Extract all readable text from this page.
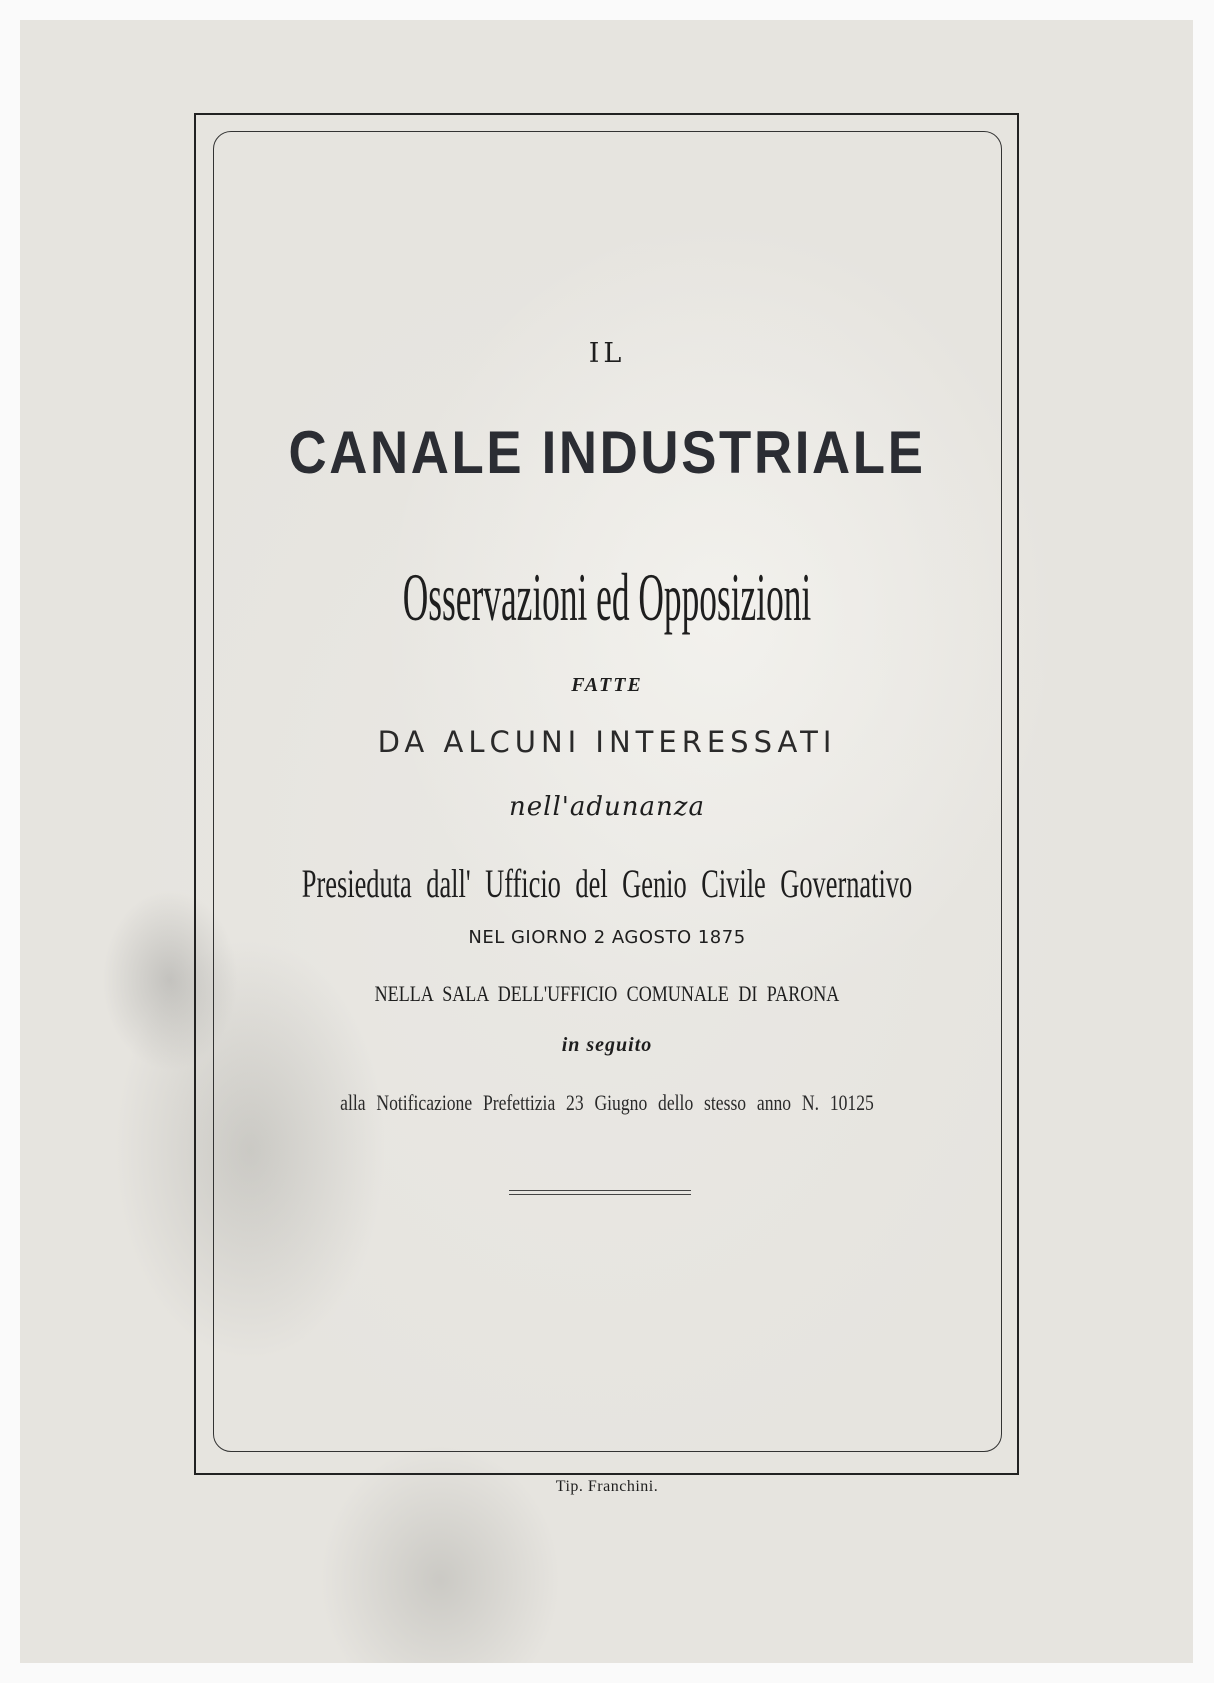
IL
CANALE INDUSTRIALE
Osservazioni ed Opposizioni
FATTE
DA ALCUNI INTERESSATI
nell'adunanza
Presieduta dall' Ufficio del Genio Civile Governativo
NEL GIORNO 2 AGOSTO 1875
NELLA SALA DELL'UFFICIO COMUNALE DI PARONA
in seguito
alla Notificazione Prefettizia 23 Giugno dello stesso anno N. 10125
Tip. Franchini.
